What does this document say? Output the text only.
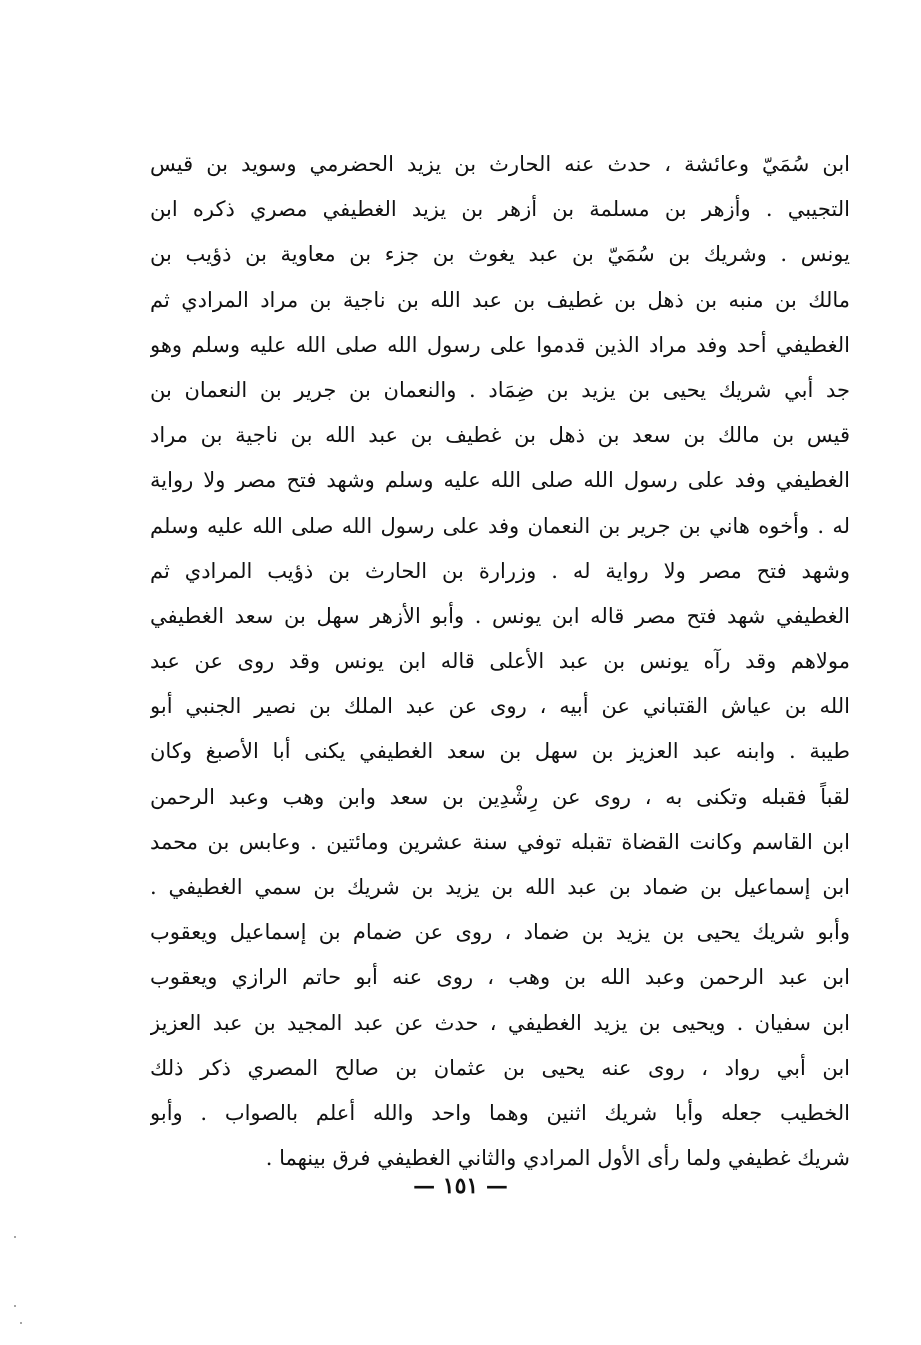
ابن سُمَيّ وعائشة ، حدث عنه الحارث بن يزيد الحضرمي وسويد بن قيس
التجيبي . وأزهر بن مسلمة بن أزهر بن يزيد الغطيفي مصري ذكره ابن
يونس . وشريك بن سُمَيّ بن عبد يغوث بن جزء بن معاوية بن ذؤيب بن
مالك بن منبه بن ذهل بن غطيف بن عبد الله بن ناجية بن مراد المرادي ثم
الغطيفي أحد وفد مراد الذين قدموا على رسول الله صلى الله عليه وسلم وهو
جد أبي شريك يحيى بن يزيد بن ضِمَاد . والنعمان بن جرير بن النعمان بن
قيس بن مالك بن سعد بن ذهل بن غطيف بن عبد الله بن ناجية بن مراد
الغطيفي وفد على رسول الله صلى الله عليه وسلم وشهد فتح مصر ولا رواية
له . وأخوه هاني بن جرير بن النعمان وفد على رسول الله صلى الله عليه وسلم
وشهد فتح مصر ولا رواية له . وزرارة بن الحارث بن ذؤيب المرادي ثم
الغطيفي شهد فتح مصر قاله ابن يونس . وأبو الأزهر سهل بن سعد الغطيفي
مولاهم وقد رآه يونس بن عبد الأعلى قاله ابن يونس وقد روى عن عبد
الله بن عياش القتباني عن أبيه ، روى عن عبد الملك بن نصير الجنبي أبو
طيبة . وابنه عبد العزيز بن سهل بن سعد الغطيفي يكنى أبا الأصبغ وكان
لقباً فقبله وتكنى به ، روى عن رِشْدِين بن سعد وابن وهب وعبد الرحمن
ابن القاسم وكانت القضاة تقبله توفي سنة عشرين ومائتين . وعابس بن محمد
ابن إسماعيل بن ضماد بن عبد الله بن يزيد بن شريك بن سمي الغطيفي .
وأبو شريك يحيى بن يزيد بن ضماد ، روى عن ضمام بن إسماعيل ويعقوب
ابن عبد الرحمن وعبد الله بن وهب ، روى عنه أبو حاتم الرازي ويعقوب
ابن سفيان . ويحيى بن يزيد الغطيفي ، حدث عن عبد المجيد بن عبد العزيز
ابن أبي رواد ، روى عنه يحيى بن عثمان بن صالح المصري ذكر ذلك
الخطيب جعله وأبا شريك اثنين وهما واحد والله أعلم بالصواب . وأبو
شريك غطيفي ولما رأى الأول المرادي والثاني الغطيفي فرق بينهما .
— ١٥١ —
